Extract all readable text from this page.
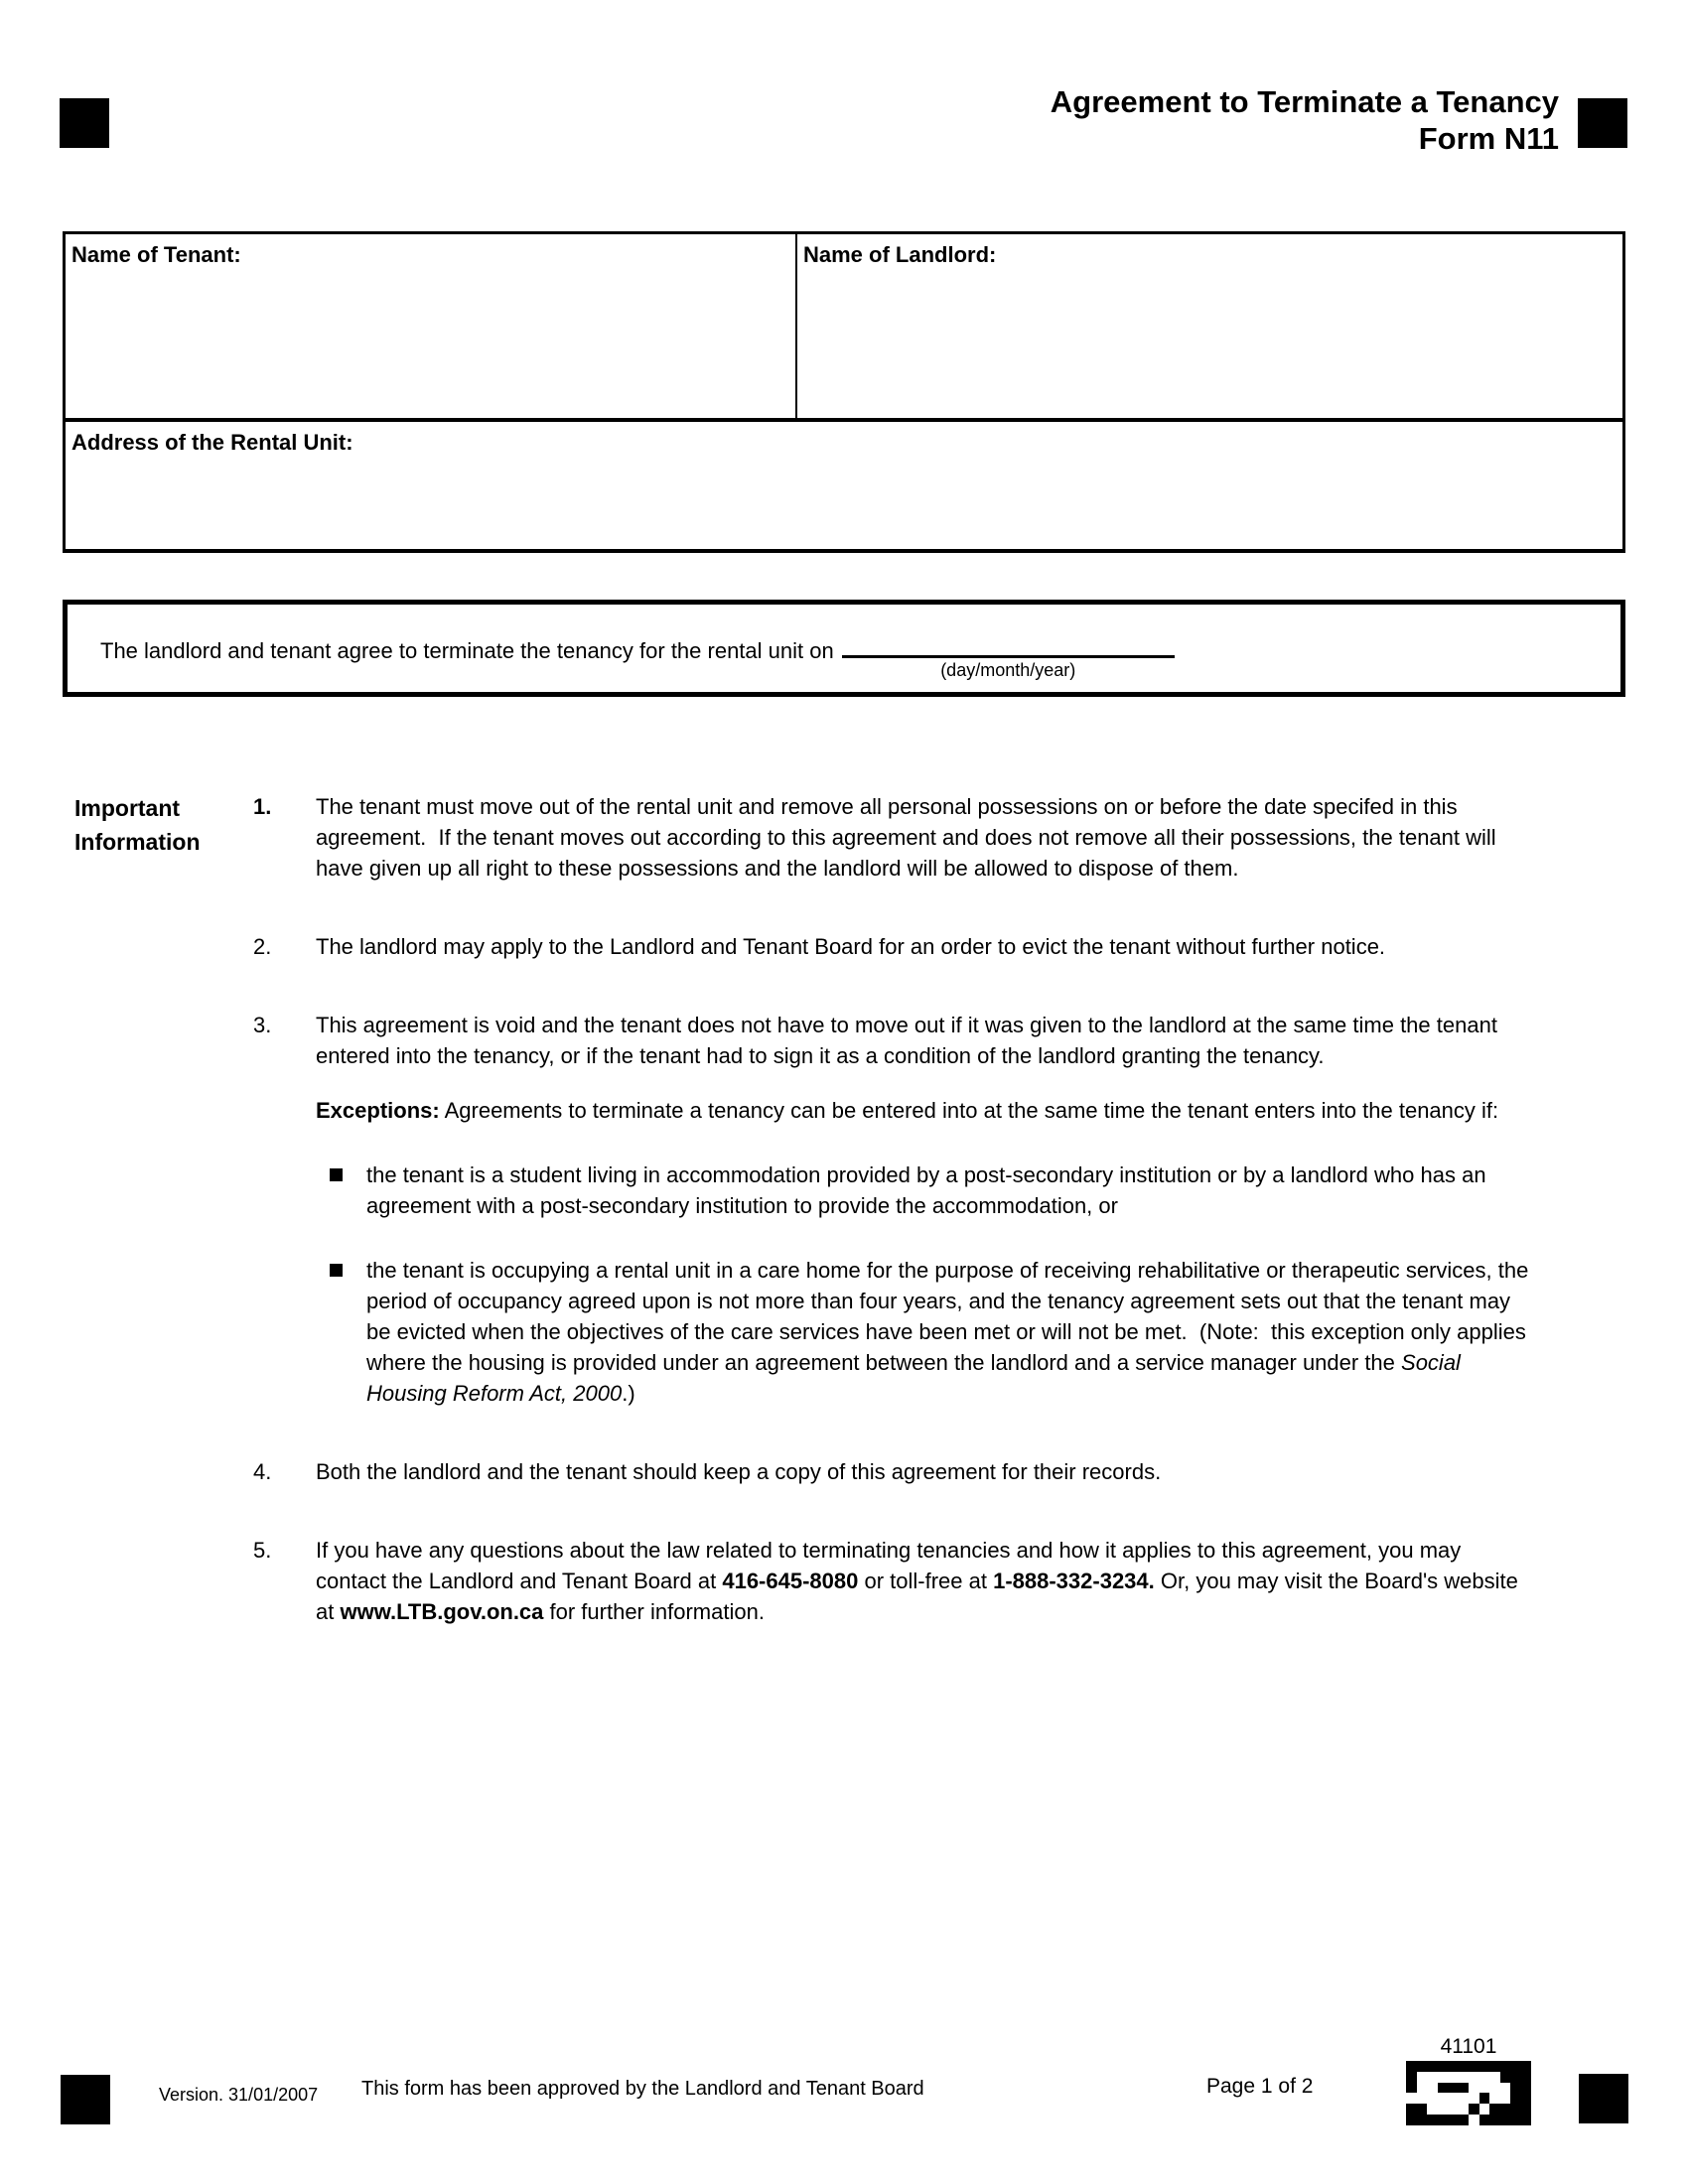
Agreement to Terminate a Tenancy
Form N11
Name of Tenant:	Name of Landlord:
Address of the Rental Unit:
The landlord and tenant agree to terminate the tenancy for the rental unit on
(day/month/year)
Important Information
1.	The tenant must move out of the rental unit and remove all personal possessions on or before the date specifed in this agreement.  If the tenant moves out according to this agreement and does not remove all their possessions, the tenant will have given up all right to these possessions and the landlord will be allowed to dispose of them.
2.	The landlord may apply to the Landlord and Tenant Board for an order to evict the tenant without further notice.
3.	This agreement is void and the tenant does not have to move out if it was given to the landlord at the same time the tenant entered into the tenancy, or if the tenant had to sign it as a condition of the landlord granting the tenancy.
Exceptions: Agreements to terminate a tenancy can be entered into at the same time the tenant enters into the tenancy if:
the tenant is a student living in accommodation provided by a post-secondary institution or by a landlord who has an agreement with a post-secondary institution to provide the accommodation, or
the tenant is occupying a rental unit in a care home for the purpose of receiving rehabilitative or therapeutic services, the period of occupancy agreed upon is not more than four years, and the tenancy agreement sets out that the tenant may be evicted when the objectives of the care services have been met or will not be met.  (Note:  this exception only applies where the housing is provided under an agreement between the landlord and a service manager under the Social Housing Reform Act, 2000.)
4.	Both the landlord and the tenant should keep a copy of this agreement for their records.
5.	If you have any questions about the law related to terminating tenancies and how it applies to this agreement, you may contact the Landlord and Tenant Board at 416-645-8080 or toll-free at 1-888-332-3234. Or, you may visit the Board's website at www.LTB.gov.on.ca for further information.
Version. 31/01/2007 This form has been approved by the Landlord and Tenant Board	Page 1 of 2
41101
